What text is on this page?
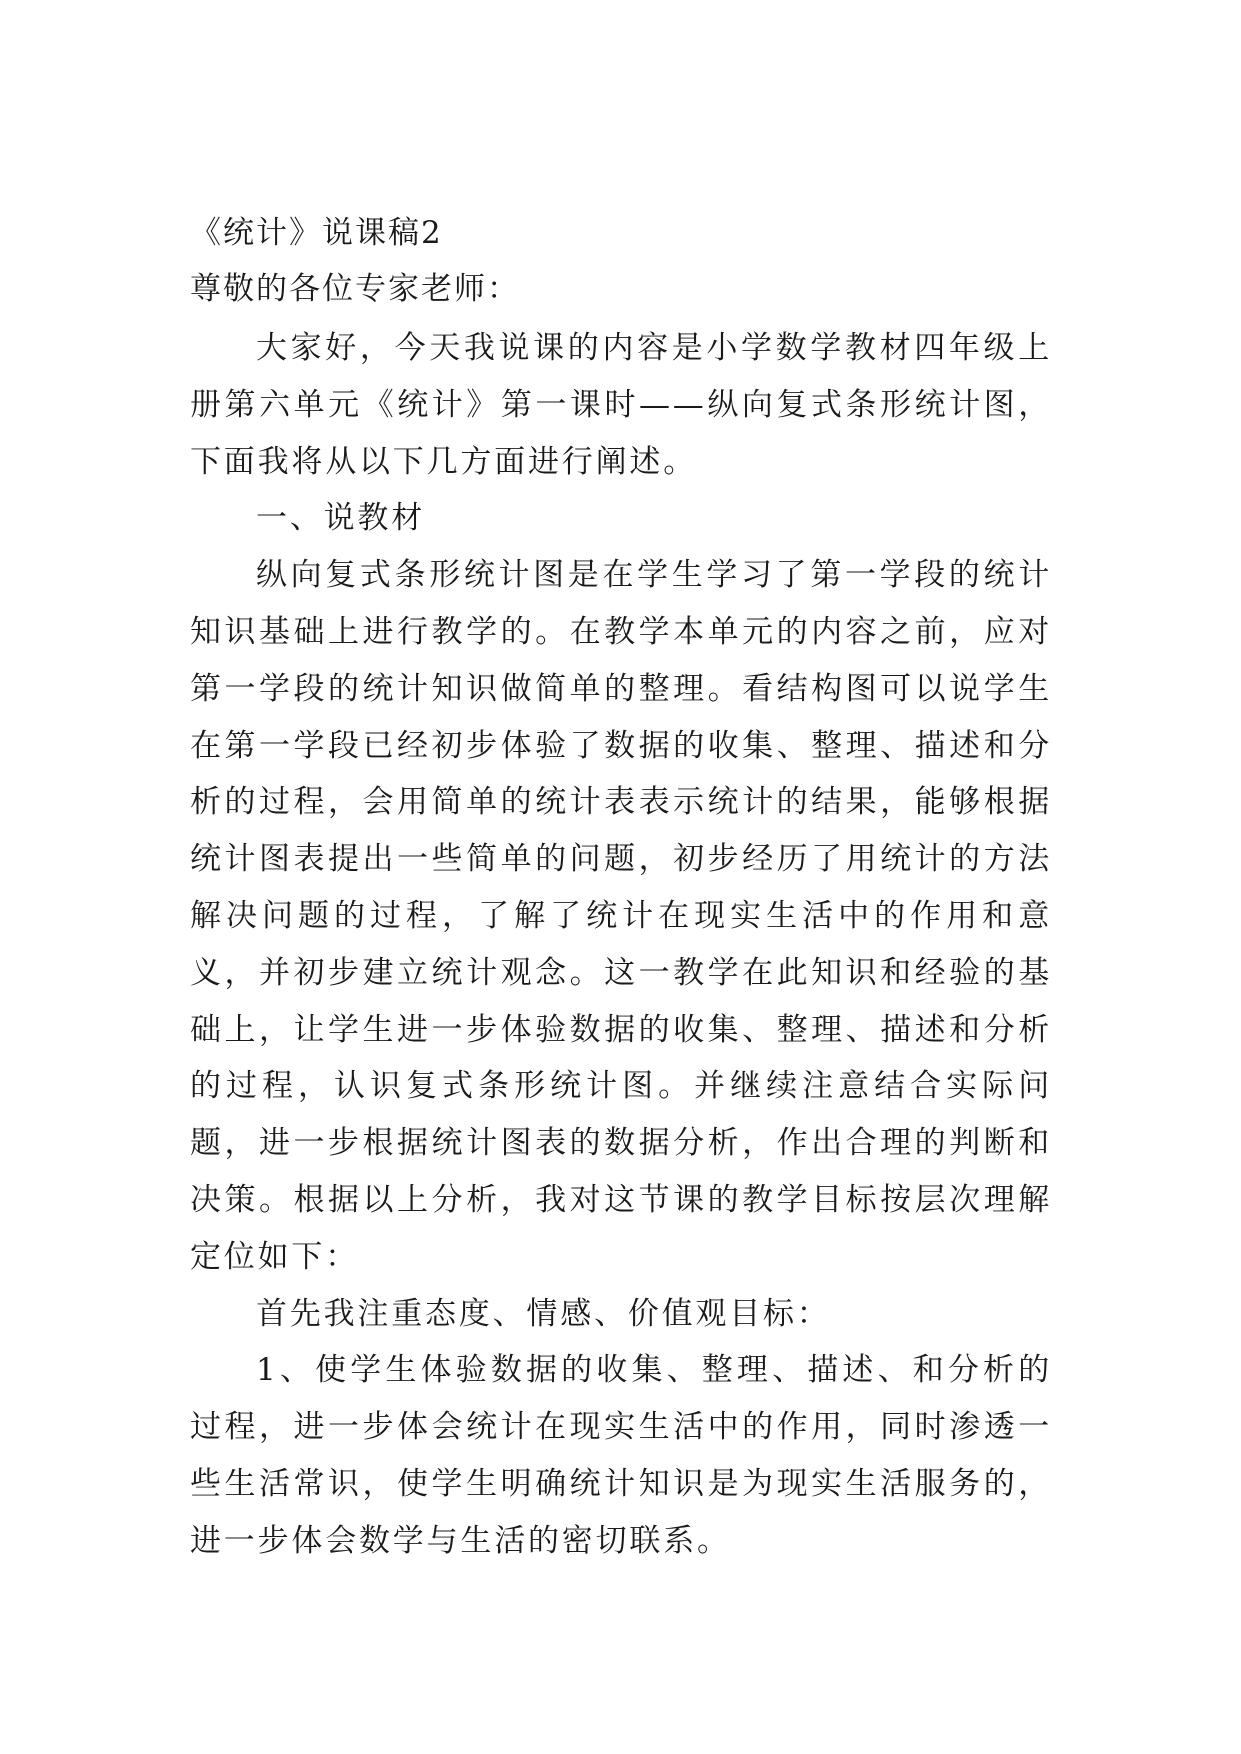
《统计》说课稿2

尊敬的各位专家老师：

大家好，今天我说课的内容是小学数学教材四年级上册第六单元《统计》第一课时——纵向复式条形统计图，下面我将从以下几方面进行阐述。

一、说教材

纵向复式条形统计图是在学生学习了第一学段的统计知识基础上进行教学的。在教学本单元的内容之前，应对第一学段的统计知识做简单的整理。看结构图可以说学生在第一学段已经初步体验了数据的收集、整理、描述和分析的过程，会用简单的统计表表示统计的结果，能够根据统计图表提出一些简单的问题，初步经历了用统计的方法解决问题的过程，了解了统计在现实生活中的作用和意义，并初步建立统计观念。这一教学在此知识和经验的基础上，让学生进一步体验数据的收集、整理、描述和分析的过程，认识复式条形统计图。并继续注意结合实际问题，进一步根据统计图表的数据分析，作出合理的判断和决策。根据以上分析，我对这节课的教学目标按层次理解定位如下：

首先我注重态度、情感、价值观目标：

1、使学生体验数据的收集、整理、描述、和分析的过程，进一步体会统计在现实生活中的作用，同时渗透一些生活常识，使学生明确统计知识是为现实生活服务的，进一步体会数学与生活的密切联系。
